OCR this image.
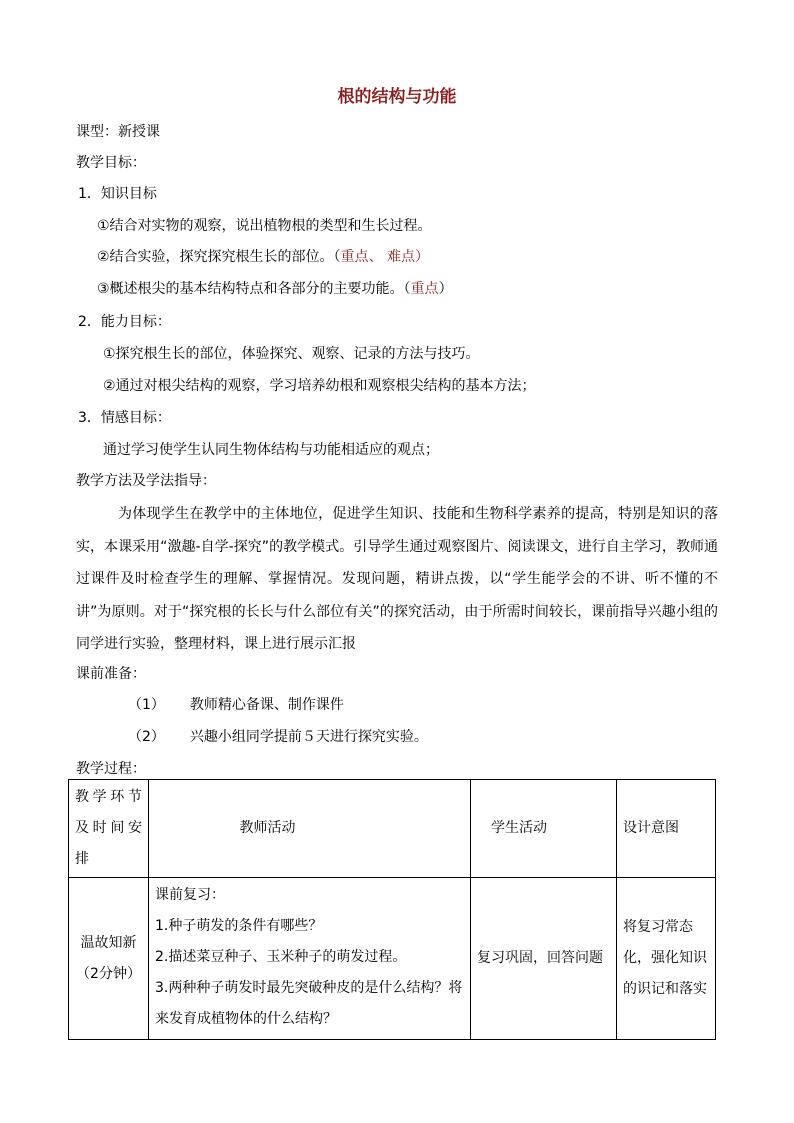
根的结构与功能
课型：新授课
教学目标：
1．知识目标
①结合对实物的观察，说出植物根的类型和生长过程。
②结合实验，探究探究根生长的部位。（重点、 难点）
③概述根尖的基本结构特点和各部分的主要功能。（重点）
2．能力目标：
①探究根生长的部位，体验探究、观察、记录的方法与技巧。
②通过对根尖结构的观察，学习培养幼根和观察根尖结构的基本方法；
3．情感目标：
通过学习使学生认同生物体结构与功能相适应的观点；
教学方法及学法指导：
为体现学生在教学中的主体地位，促进学生知识、技能和生物科学素养的提高，特别是知识的落实，本课采用“激趣-自学-探究”的教学模式。引导学生通过观察图片、阅读课文，进行自主学习，教师通过课件及时检查学生的理解、掌握情况。发现问题，精讲点拨，以“学生能学会的不讲、听不懂的不讲”为原则。对于“探究根的长长与什么部位有关”的探究活动，由于所需时间较长，课前指导兴趣小组的同学进行实验，整理材料，课上进行展示汇报
课前准备：
（1） 教师精心备课、制作课件
（2） 兴趣小组同学提前５天进行探究实验。
教学过程：
教学环节及时间安排	教师活动	学生活动	设计意图
温故知新（2分钟）	课前复习：
1.种子萌发的条件有哪些？
2.描述菜豆种子、玉米种子的萌发过程。
3.两种种子萌发时最先突破种皮的是什么结构？将来发育成植物体的什么结构？	复习巩固，回答问题	将复习常态化，强化知识的识记和落实
